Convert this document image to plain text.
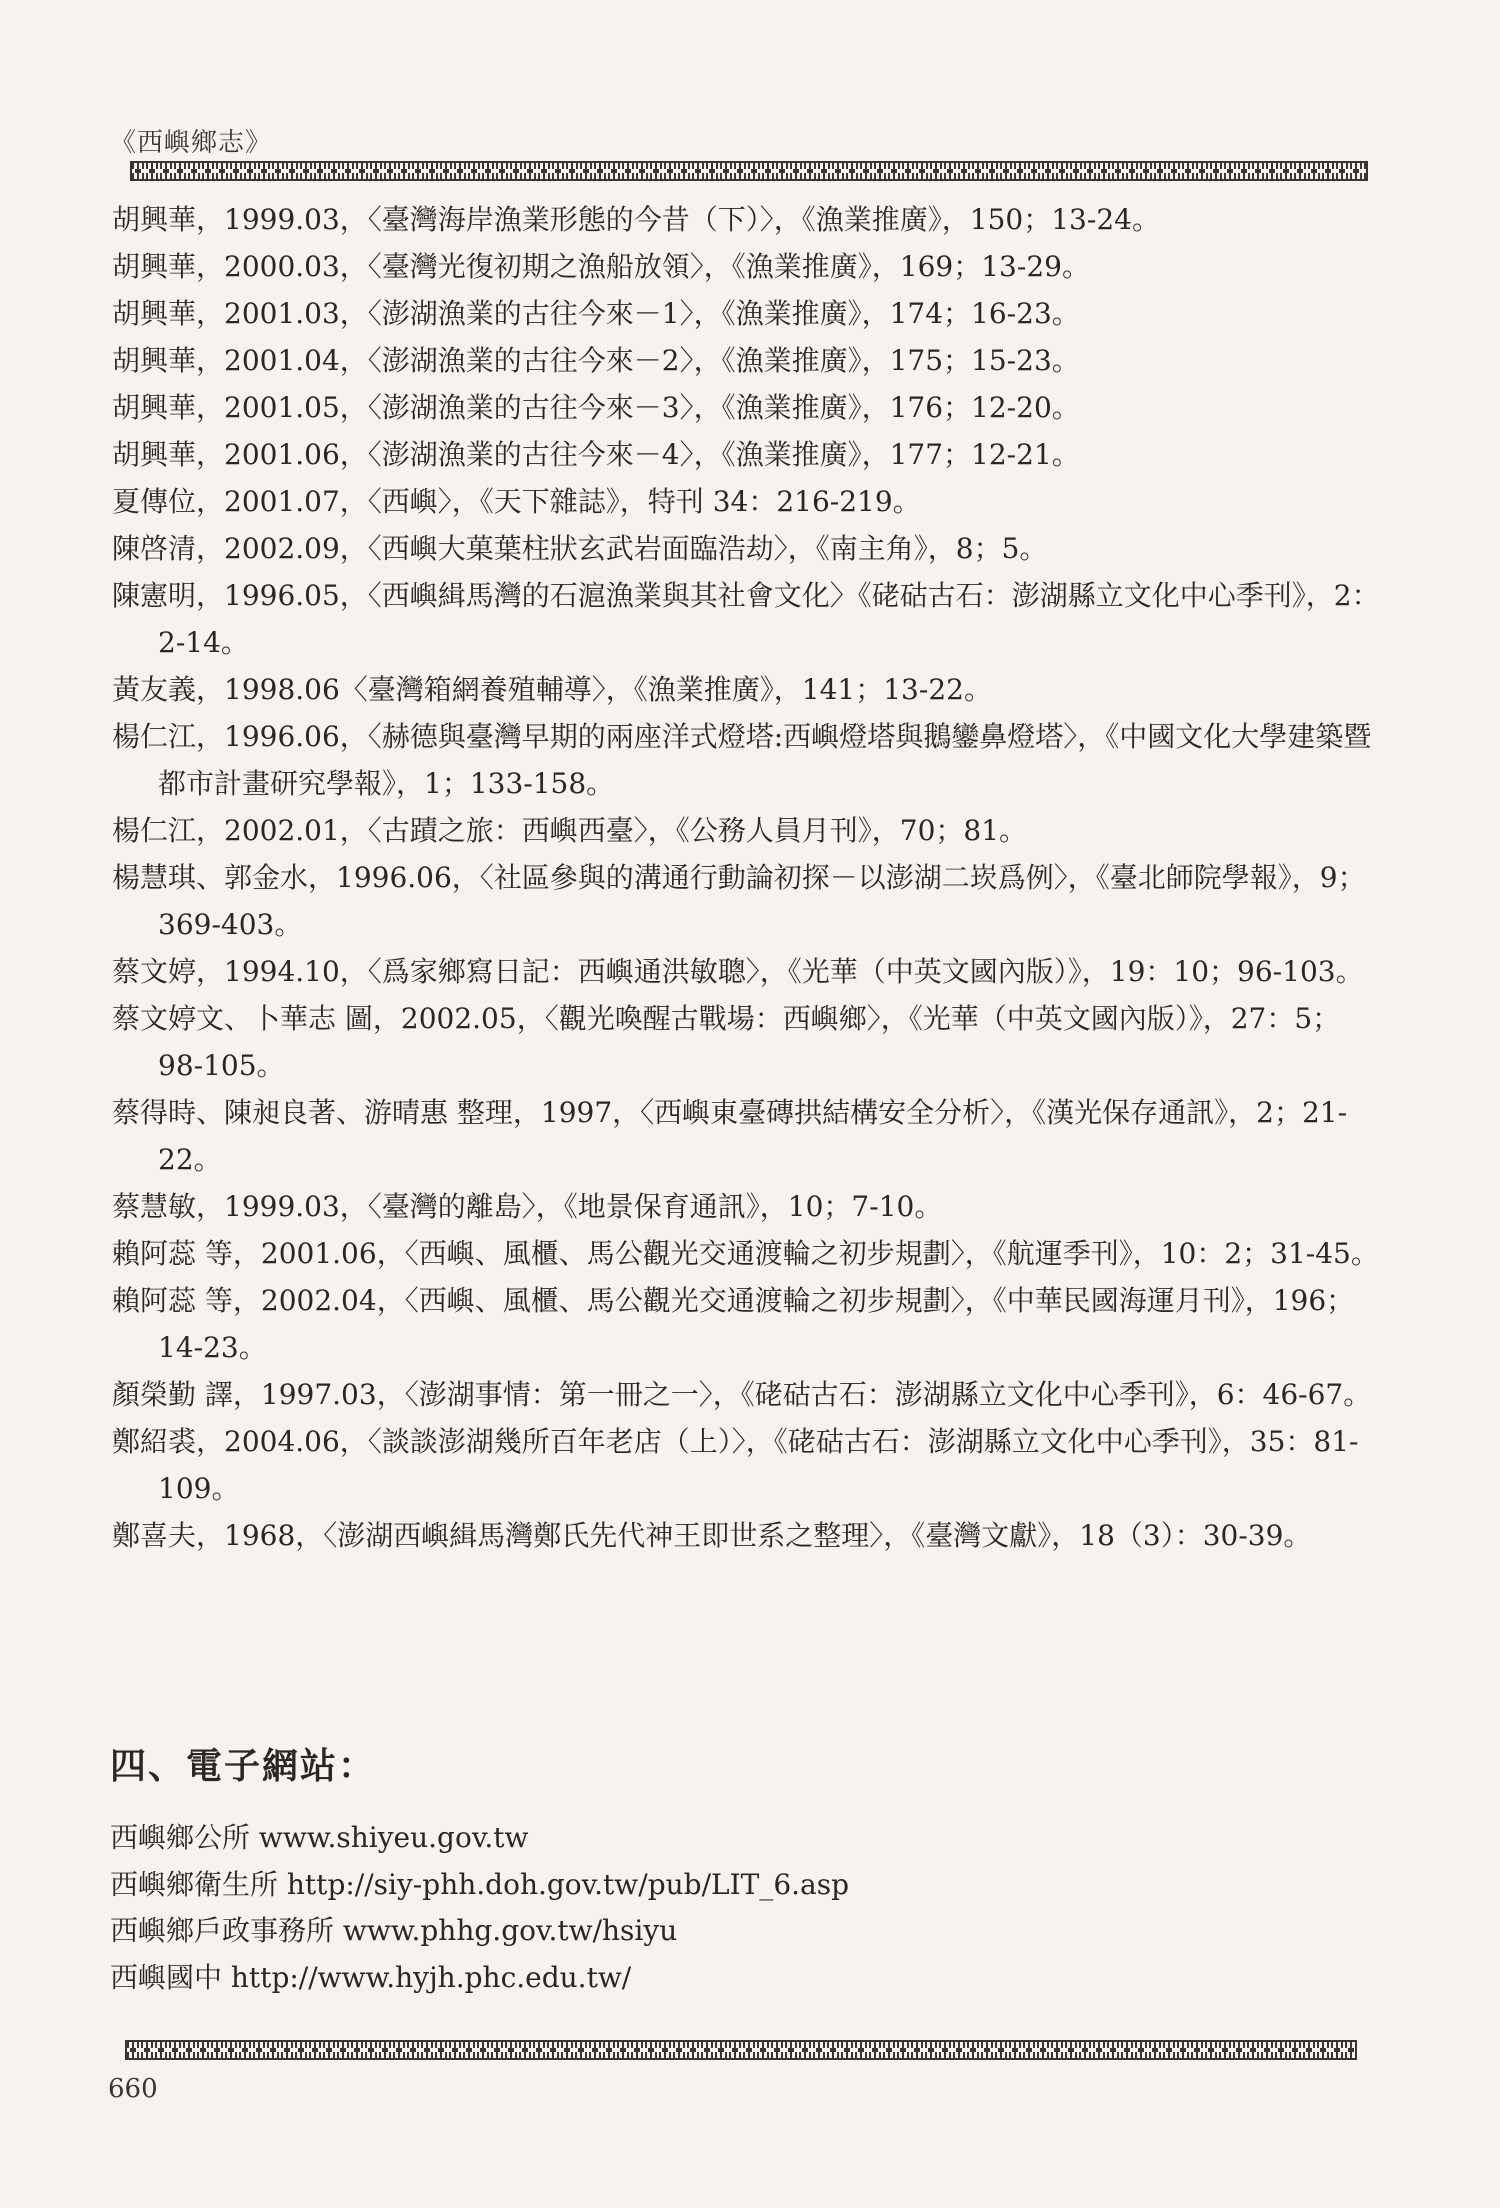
《西嶼鄉志》

胡興華，1999.03，〈臺灣海岸漁業形態的今昔（下）〉，《漁業推廣》，150；13-24。

胡興華，2000.03，〈臺灣光復初期之漁船放領〉，《漁業推廣》，169；13-29。

胡興華，2001.03，〈澎湖漁業的古往今來－1〉，《漁業推廣》，174；16-23。

胡興華，2001.04，〈澎湖漁業的古往今來－2〉，《漁業推廣》，175；15-23。

胡興華，2001.05，〈澎湖漁業的古往今來－3〉，《漁業推廣》，176；12-20。

胡興華，2001.06，〈澎湖漁業的古往今來－4〉，《漁業推廣》，177；12-21。

夏傳位，2001.07，〈西嶼〉，《天下雜誌》，特刊 34：216-219。

陳啓清，2002.09，〈西嶼大菓葉柱狀玄武岩面臨浩劫〉，《南主角》，8；5。

陳憲明，1996.05，〈西嶼緝馬灣的石滬漁業與其社會文化〉《硓𥑮古石：澎湖縣立文化中心季刊》，2：2-14。

黃友義，1998.06〈臺灣箱網養殖輔導〉，《漁業推廣》，141；13-22。

楊仁江，1996.06，〈赫德與臺灣早期的兩座洋式燈塔:西嶼燈塔與鵝鑾鼻燈塔〉，《中國文化大學建築暨都市計畫研究學報》，1；133-158。

楊仁江，2002.01，〈古蹟之旅：西嶼西臺〉，《公務人員月刊》，70；81。

楊慧琪、郭金水，1996.06，〈社區參與的溝通行動論初探－以澎湖二崁爲例〉，《臺北師院學報》，9；369-403。

蔡文婷，1994.10，〈爲家鄉寫日記：西嶼通洪敏聰〉，《光華（中英文國內版）》，19：10；96-103。

蔡文婷文、卜華志 圖，2002.05，〈觀光喚醒古戰場：西嶼鄉〉，《光華（中英文國內版）》，27：5；98-105。

蔡得時、陳昶良著、游晴惠 整理，1997，〈西嶼東臺磚拱結構安全分析〉，《漢光保存通訊》，2；21-22。

蔡慧敏，1999.03，〈臺灣的離島〉，《地景保育通訊》，10；7-10。

賴阿蕊 等，2001.06，〈西嶼、風櫃、馬公觀光交通渡輪之初步規劃〉，《航運季刊》，10：2；31-45。

賴阿蕊 等，2002.04，〈西嶼、風櫃、馬公觀光交通渡輪之初步規劃〉，《中華民國海運月刊》，196；14-23。

顏榮勤 譯，1997.03，〈澎湖事情：第一冊之一〉，《硓𥑮古石：澎湖縣立文化中心季刊》，6：46-67。

鄭紹裘，2004.06，〈談談澎湖幾所百年老店（上）〉，《硓𥑮古石：澎湖縣立文化中心季刊》，35：81-109。

鄭喜夫，1968，〈澎湖西嶼緝馬灣鄭氏先代神王即世系之整理〉，《臺灣文獻》，18（3）：30-39。

四、電子網站：

西嶼鄉公所 www.shiyeu.gov.tw

西嶼鄉衛生所 http://siy-phh.doh.gov.tw/pub/LIT_6.asp

西嶼鄉戶政事務所 www.phhg.gov.tw/hsiyu

西嶼國中 http://www.hyjh.phc.edu.tw/

660
